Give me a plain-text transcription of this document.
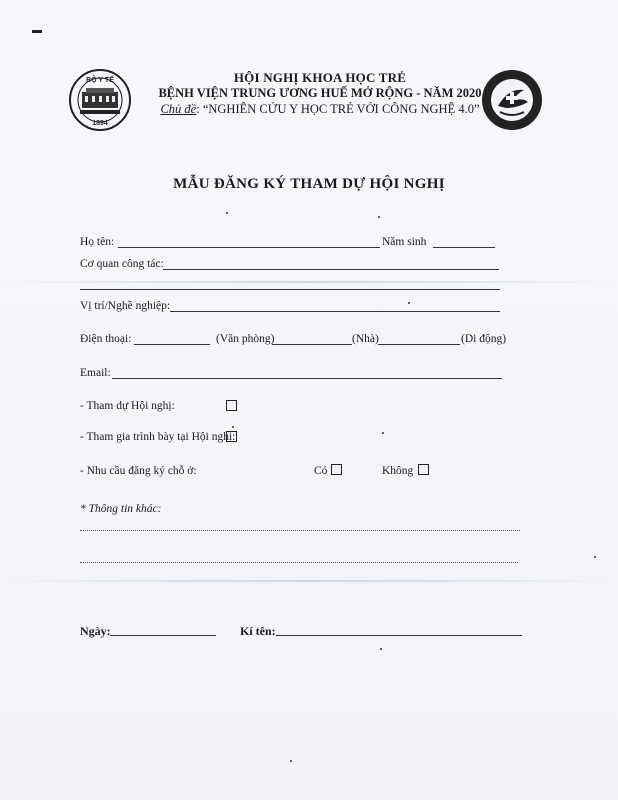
BỘ Y TẾ
1894
HỘI NGHỊ KHOA HỌC TRẺ
BỆNH VIỆN TRUNG ƯƠNG HUẾ MỞ RỘNG - NĂM 2020
Chủ đề: “NGHIÊN CỨU Y HỌC TRẺ VỚI CÔNG NGHỆ 4.0”
MẪU ĐĂNG KÝ THAM DỰ HỘI NGHỊ
Họ tên:	Năm sinh
Cơ quan công tác:
Vị trí/Nghề nghiệp:
Điện thoại:	(Văn phòng)	(Nhà)	(Di động)
Email:
- Tham dự Hội nghị:
- Tham gia trình bày tại Hội nghị:
- Nhu cầu đăng ký chỗ ở:	Có	Không
* Thông tin khác:
Ngày:	Kí tên:
